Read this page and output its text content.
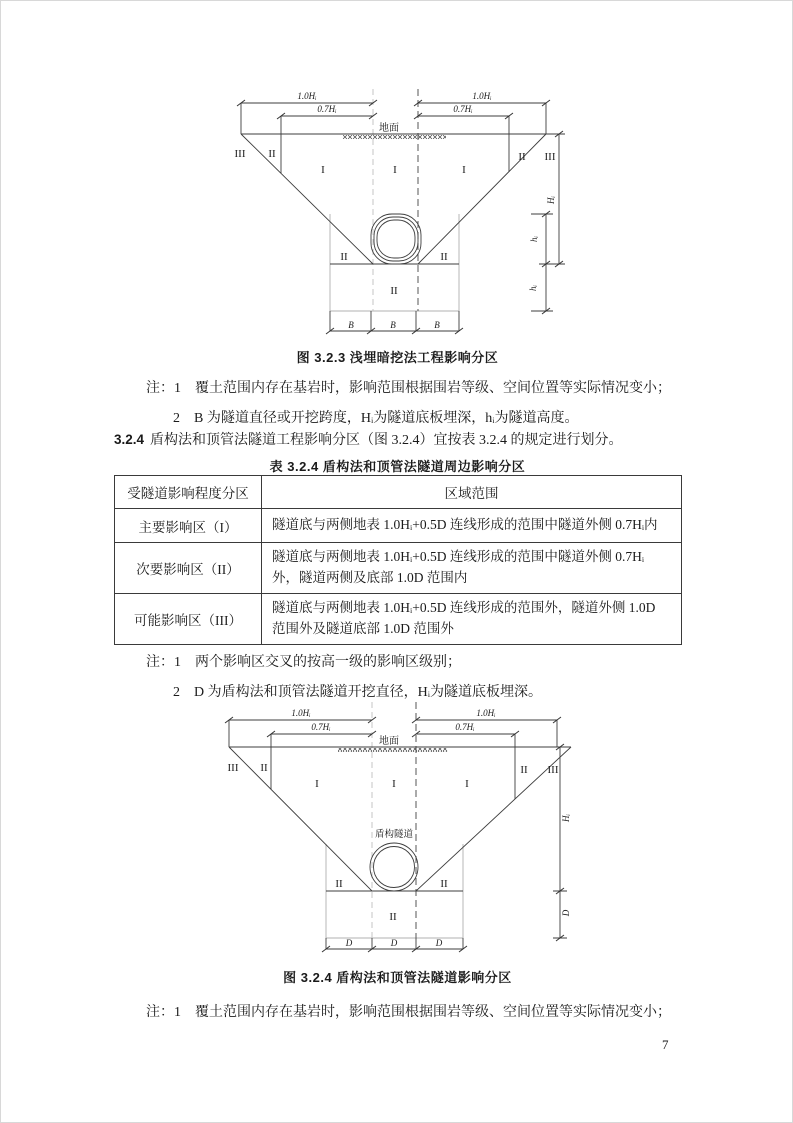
1.0Hᵢ	1.0Hᵢ
0.7Hᵢ	0.7Hᵢ
地面
III II
I	I	I
II III
II	II
II
B	B	B
Hᵢ
hᵢ
hᵢ
图 3.2.3 浅埋暗挖法工程影响分区
注：1　覆土范围内存在基岩时，影响范围根据围岩等级、空间位置等实际情况变小；
2　B 为隧道直径或开挖跨度，Hᵢ为隧道底板埋深，hᵢ为隧道高度。
3.2.4 盾构法和顶管法隧道工程影响分区（图 3.2.4）宜按表 3.2.4 的规定进行划分。
表 3.2.4 盾构法和顶管法隧道周边影响分区
受隧道影响程度分区	区域范围
主要影响区（I）	隧道底与两侧地表 1.0Hᵢ+0.5D 连线形成的范围中隧道外侧 0.7Hᵢ内
次要影响区（II）	隧道底与两侧地表 1.0Hᵢ+0.5D 连线形成的范围中隧道外侧 0.7Hᵢ外，隧道两侧及底部 1.0D 范围内
可能影响区（III）	隧道底与两侧地表 1.0Hᵢ+0.5D 连线形成的范围外，隧道外侧 1.0D 范围外及隧道底部 1.0D 范围外
注：1　两个影响区交叉的按高一级的影响区级别；
2　D 为盾构法和顶管法隧道开挖直径，Hᵢ为隧道底板埋深。
1.0Hᵢ	1.0Hᵢ
0.7Hᵢ	0.7Hᵢ
地面
III II
I	I	I
II III
盾构隧道
II	II
II
D	D	D
Hᵢ
D
图 3.2.4 盾构法和顶管法隧道影响分区
注：1　覆土范围内存在基岩时，影响范围根据围岩等级、空间位置等实际情况变小；
7
